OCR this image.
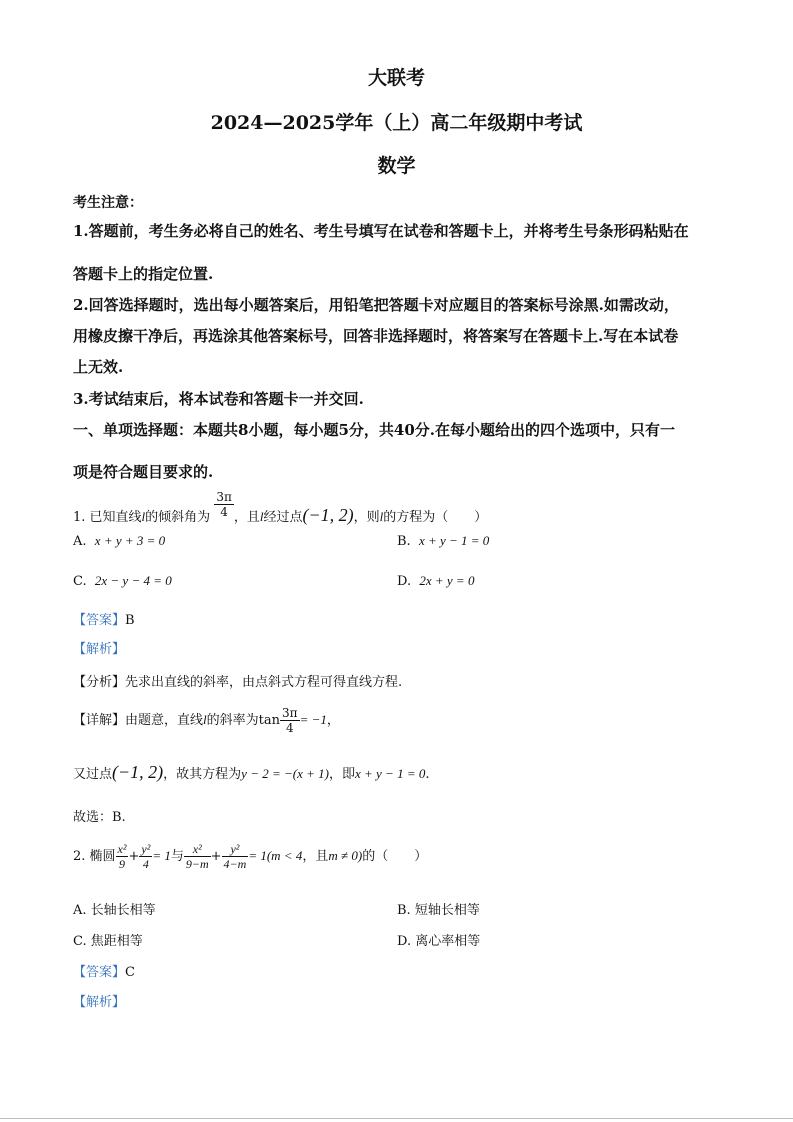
大联考
2024—2025学年（上）高二年级期中考试
数学
考生注意：
1.答题前，考生务必将自己的姓名、考生号填写在试卷和答题卡上，并将考生号条形码粘贴在
答题卡上的指定位置.
2.回答选择题时，选出每小题答案后，用铅笔把答题卡对应题目的答案标号涂黑.如需改动，
用橡皮擦干净后，再选涂其他答案标号，回答非选择题时，将答案写在答题卡上.写在本试卷
上无效.
3.考试结束后，将本试卷和答题卡一并交回.
一、单项选择题：本题共8小题，每小题5分，共40分.在每小题给出的四个选项中，只有一
项是符合题目要求的.
1. 已知直线l的倾斜角为 $\frac{3\pi}{4}$ ，且l经过点(−1, 2)，则l的方程为（　　）
A. x + y + 3 = 0	B. x + y − 1 = 0
C. 2x − y − 4 = 0	D. 2x + y = 0
【答案】B
【解析】
【分析】先求出直线的斜率，由点斜式方程可得直线方程.
【详解】由题意，直线l的斜率为$\tan \frac{3\pi}{4} = -1$，
又过点(−1, 2)，故其方程为y − 2 = −(x + 1)，即x + y − 1 = 0.
故选：B.
2. 椭圆 $\frac{\text{x²}}{9} + \frac{\text{y²}}{4} = 1$与 $\frac{\text{x²}}{9-m} + \frac{\text{y²}}{4-m} = 1(m < 4$，且m ≠ 0)的（　　）
A. 长轴长相等	B. 短轴长相等
C. 焦距相等	D. 离心率相等
【答案】C
【解析】
